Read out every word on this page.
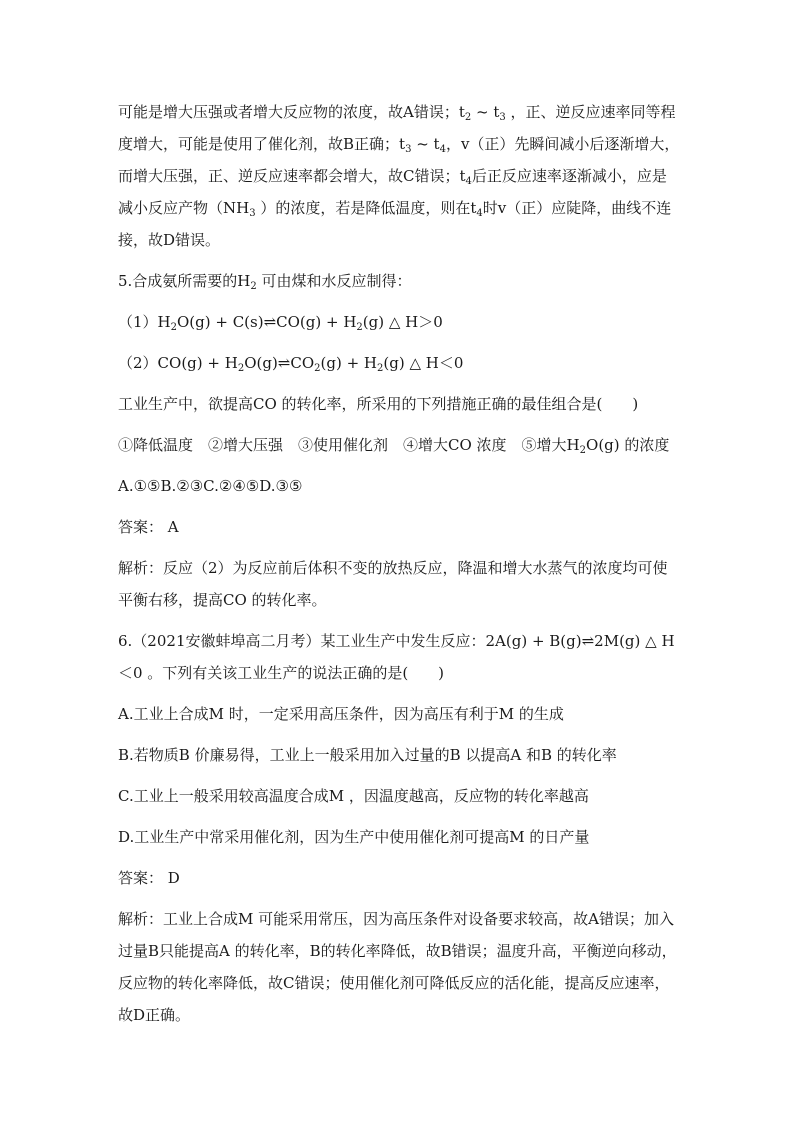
可能是增大压强或者增大反应物的浓度，故A错误；$t_2$ ~ $t_3$ ，正、逆反应速率同等程度增大，可能是使用了催化剂，故B正确；$t_3$ ~ $t_4$，v（正）先瞬间减小后逐渐增大，而增大压强，正、逆反应速率都会增大，故C错误；$t_4$后正反应速率逐渐减小，应是减小反应产物（$NH_3$ ）的浓度，若是降低温度，则在$t_4$时v（正）应陡降，曲线不连接，故D错误。

5.合成氨所需要的$H_2$ 可由煤和水反应制得：

$(1)H_2O(g)$ + C(s)⇌CO(g) + $H_2(g)$ △ H＞0

$(2)CO(g) + H_2O(g)\rightleftharpoons CO_2(g) + H_2(g)$ △ H＜0

工业生产中，欲提高CO 的转化率，所采用的下列措施正确的最佳组合是(　　)

①降低温度　②增大压强　③使用催化剂　④增大CO 浓度　⑤增大$H_2O(g)$ 的浓度

A.①⑤B.②③C.②④⑤D.③⑤

答案： A

解析：反应（2）为反应前后体积不变的放热反应，降温和增大水蒸气的浓度均可使平衡右移，提高CO 的转化率。

6.（2021安徽蚌埠高二月考）某工业生产中发生反应：2A(g) + B(g)⇌2M(g) △ H＜0 。下列有关该工业生产的说法正确的是(　　)

A.工业上合成M 时，一定采用高压条件，因为高压有利于M 的生成

B.若物质B 价廉易得，工业上一般采用加入过量的B 以提高A 和B 的转化率

C.工业上一般采用较高温度合成M ，因温度越高，反应物的转化率越高

D.工业生产中常采用催化剂，因为生产中使用催化剂可提高M 的日产量

答案： D

解析：工业上合成M 可能采用常压，因为高压条件对设备要求较高，故A错误；加入过量B只能提高A 的转化率，B的转化率降低，故B错误；温度升高，平衡逆向移动，反应物的转化率降低，故C错误；使用催化剂可降低反应的活化能，提高反应速率，故D正确。
